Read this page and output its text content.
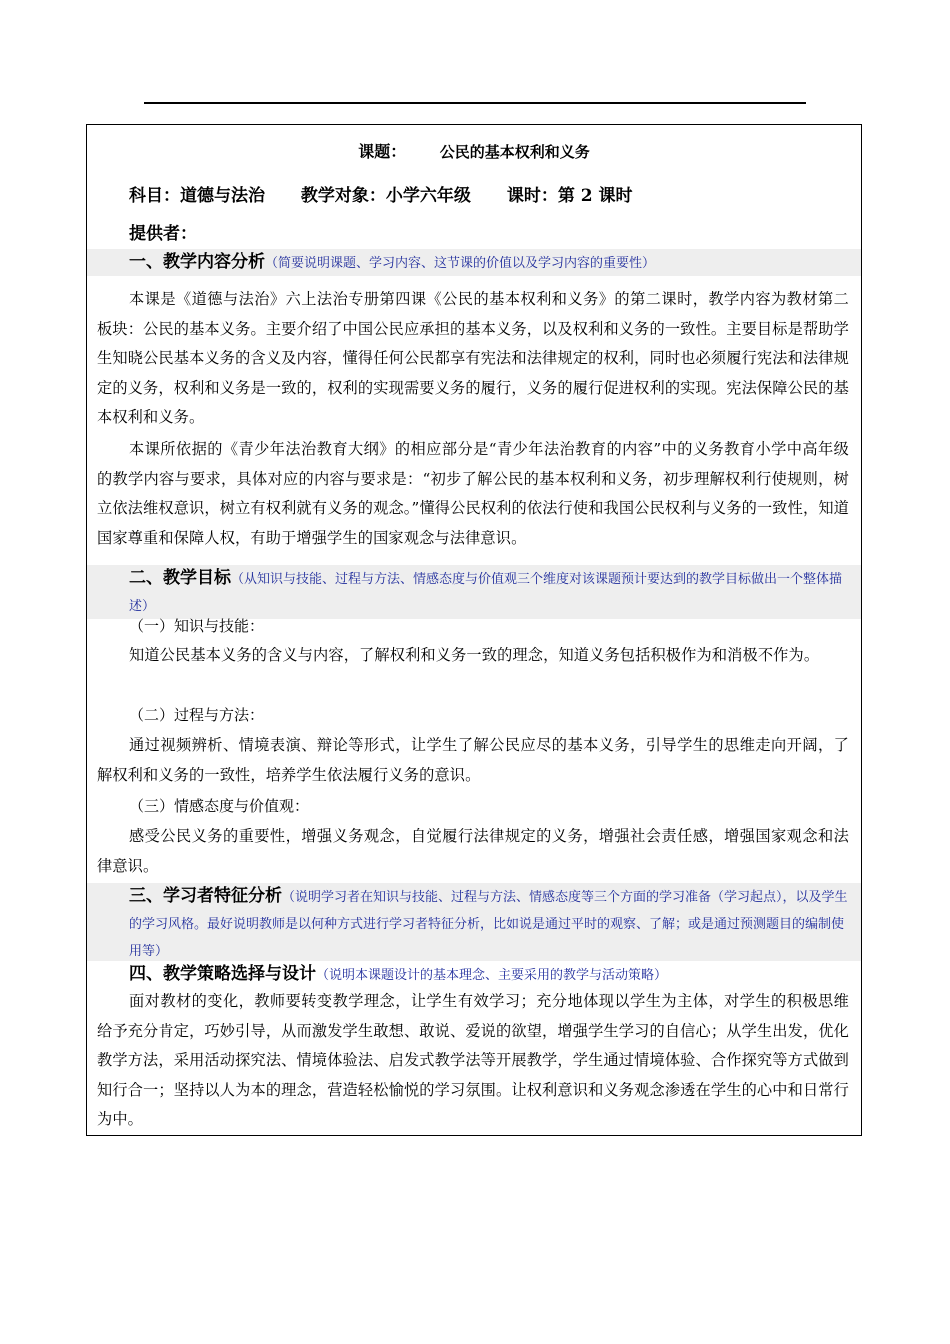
课题： 公民的基本权利和义务
科目：道德与法治 教学对象：小学六年级 课时：第 2 课时
提供者：
一、教学内容分析（简要说明课题、学习内容、这节课的价值以及学习内容的重要性）
本课是《道德与法治》六上法治专册第四课《公民的基本权利和义务》的第二课时，教学内容为教材第二板块：公民的基本义务。主要介绍了中国公民应承担的基本义务，以及权利和义务的一致性。主要目标是帮助学生知晓公民基本义务的含义及内容，懂得任何公民都享有宪法和法律规定的权利，同时也必须履行宪法和法律规定的义务，权利和义务是一致的，权利的实现需要义务的履行，义务的履行促进权利的实现。宪法保障公民的基本权利和义务。
本课所依据的《青少年法治教育大纲》的相应部分是“青少年法治教育的内容”中的义务教育小学中高年级的教学内容与要求，具体对应的内容与要求是：“初步了解公民的基本权利和义务，初步理解权利行使规则，树立依法维权意识，树立有权利就有义务的观念。”懂得公民权利的依法行使和我国公民权利与义务的一致性，知道国家尊重和保障人权，有助于增强学生的国家观念与法律意识。
二、教学目标（从知识与技能、过程与方法、情感态度与价值观三个维度对该课题预计要达到的教学目标做出一个整体描述）
（一）知识与技能：
知道公民基本义务的含义与内容，了解权利和义务一致的理念，知道义务包括积极作为和消极不作为。
（二）过程与方法：
通过视频辨析、情境表演、辩论等形式，让学生了解公民应尽的基本义务，引导学生的思维走向开阔，了解权利和义务的一致性，培养学生依法履行义务的意识。
（三）情感态度与价值观：
感受公民义务的重要性，增强义务观念，自觉履行法律规定的义务，增强社会责任感，增强国家观念和法律意识。
三、学习者特征分析（说明学习者在知识与技能、过程与方法、情感态度等三个方面的学习准备（学习起点），以及学生的学习风格。最好说明教师是以何种方式进行学习者特征分析，比如说是通过平时的观察、了解；或是通过预测题目的编制使用等）
四、教学策略选择与设计（说明本课题设计的基本理念、主要采用的教学与活动策略）
面对教材的变化，教师要转变教学理念，让学生有效学习；充分地体现以学生为主体，对学生的积极思维给予充分肯定，巧妙引导，从而激发学生敢想、敢说、爱说的欲望，增强学生学习的自信心；从学生出发，优化教学方法，采用活动探究法、情境体验法、启发式教学法等开展教学，学生通过情境体验、合作探究等方式做到知行合一；坚持以人为本的理念，营造轻松愉悦的学习氛围。让权利意识和义务观念渗透在学生的心中和日常行为中。
